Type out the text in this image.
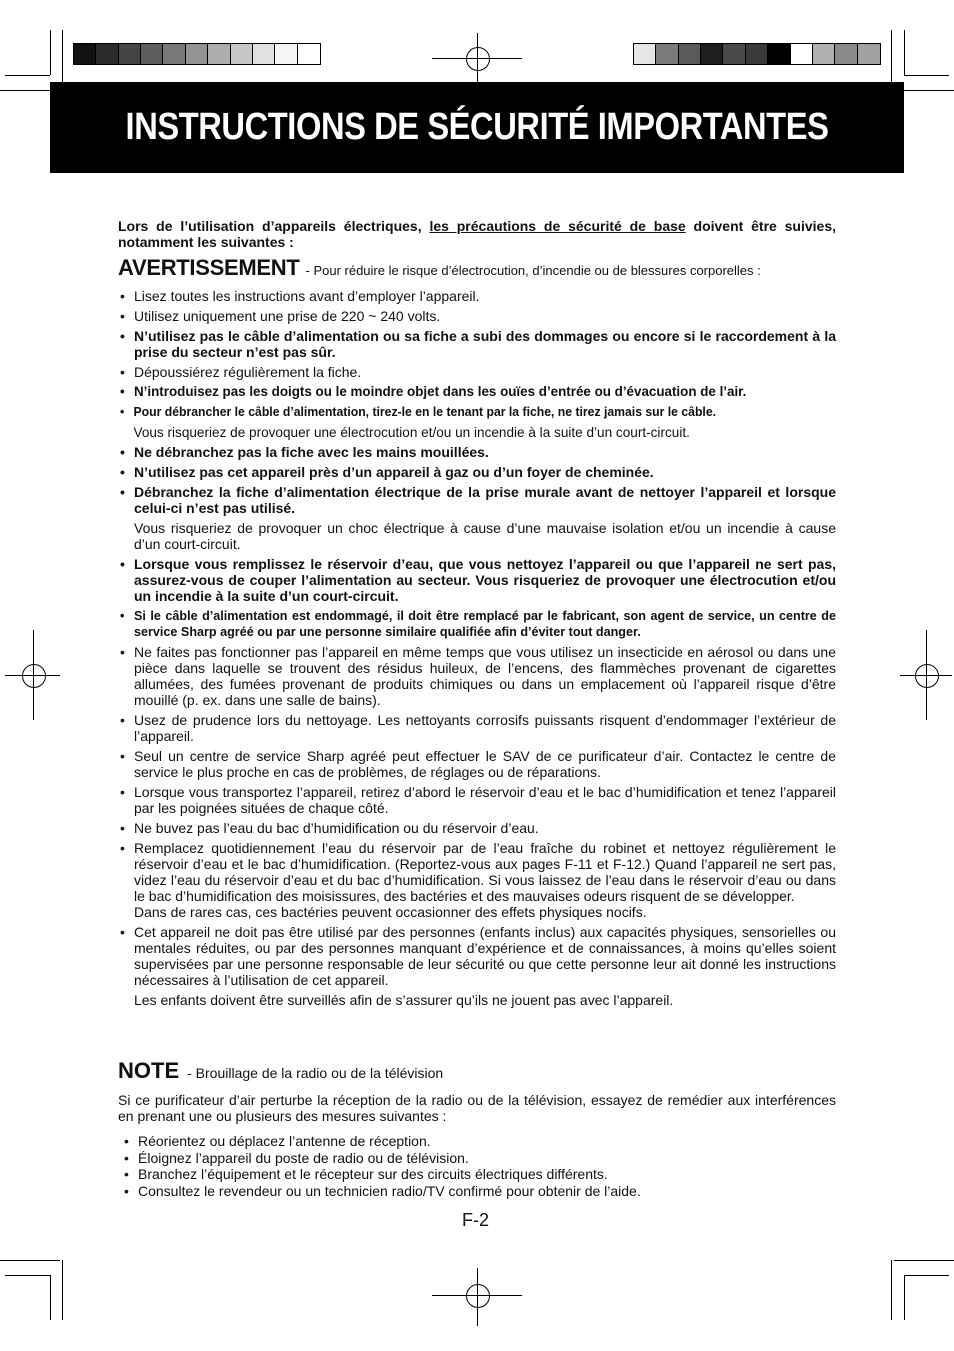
INSTRUCTIONS DE SÉCURITÉ IMPORTANTES
Lors de l’utilisation d’appareils électriques, les précautions de sécurité de base doivent être suivies, notamment les suivantes :
AVERTISSEMENT - Pour réduire le risque d’électrocution, d’incendie ou de blessures corporelles :
• Lisez toutes les instructions avant d’employer l’appareil.
• Utilisez uniquement une prise de 220 ~ 240 volts.
• N’utilisez pas le câble d’alimentation ou sa fiche a subi des dommages ou encore si le raccordement à la prise du secteur n’est pas sûr.
• Dépoussiérez régulièrement la fiche.
• N’introduisez pas les doigts ou le moindre objet dans les ouïes d’entrée ou d’évacuation de l’air.
• Pour débrancher le câble d’alimentation, tirez-le en le tenant par la fiche, ne tirez jamais sur le câble.
Vous risqueriez de provoquer une électrocution et/ou un incendie à la suite d’un court-circuit.
• Ne débranchez pas la fiche avec les mains mouillées.
• N’utilisez pas cet appareil près d’un appareil à gaz ou d’un foyer de cheminée.
• Débranchez la fiche d’alimentation électrique de la prise murale avant de nettoyer l’appareil et lorsque celui-ci n’est pas utilisé.
Vous risqueriez de provoquer un choc électrique à cause d’une mauvaise isolation et/ou un incendie à cause d’un court-circuit.
• Lorsque vous remplissez le réservoir d’eau, que vous nettoyez l’appareil ou que l’appareil ne sert pas, assurez-vous de couper l’alimentation au secteur. Vous risqueriez de provoquer une électrocution et/ou un incendie à la suite d’un court-circuit.
• Si le câble d’alimentation est endommagé, il doit être remplacé par le fabricant, son agent de service, un centre de service Sharp agréé ou par une personne similaire qualifiée afin d’éviter tout danger.
• Ne faites pas fonctionner pas l’appareil en même temps que vous utilisez un insecticide en aérosol ou dans une pièce dans laquelle se trouvent des résidus huileux, de l’encens, des flammèches provenant de cigarettes allumées, des fumées provenant de produits chimiques ou dans un emplacement où l’appareil risque d’être mouillé (p. ex. dans une salle de bains).
• Usez de prudence lors du nettoyage. Les nettoyants corrosifs puissants risquent d’endommager l’extérieur de l’appareil.
• Seul un centre de service Sharp agréé peut effectuer le SAV de ce purificateur d’air. Contactez le centre de service le plus proche en cas de problèmes, de réglages ou de réparations.
• Lorsque vous transportez l’appareil, retirez d’abord le réservoir d’eau et le bac d’humidification et tenez l’appareil par les poignées situées de chaque côté.
• Ne buvez pas l’eau du bac d’humidification ou du réservoir d’eau.
• Remplacez quotidiennement l’eau du réservoir par de l’eau fraîche du robinet et nettoyez régulièrement le réservoir d’eau et le bac d’humidification. (Reportez-vous aux pages F-11 et F-12.) Quand l’appareil ne sert pas, videz l’eau du réservoir d’eau et du bac d’humidification. Si vous laissez de l’eau dans le réservoir d’eau ou dans le bac d’humidification des moisissures, des bactéries et des mauvaises odeurs risquent de se développer.
Dans de rares cas, ces bactéries peuvent occasionner des effets physiques nocifs.
• Cet appareil ne doit pas être utilisé par des personnes (enfants inclus) aux capacités physiques, sensorielles ou mentales réduites, ou par des personnes manquant d’expérience et de connaissances, à moins qu’elles soient supervisées par une personne responsable de leur sécurité ou que cette personne leur ait donné les instructions nécessaires à l’utilisation de cet appareil.
Les enfants doivent être surveillés afin de s’assurer qu’ils ne jouent pas avec l’appareil.
NOTE - Brouillage de la radio ou de la télévision
Si ce purificateur d’air perturbe la réception de la radio ou de la télévision, essayez de remédier aux interférences en prenant une ou plusieurs des mesures suivantes :
• Réorientez ou déplacez l’antenne de réception.
• Éloignez l’appareil du poste de radio ou de télévision.
• Branchez l’équipement et le récepteur sur des circuits électriques différents.
• Consultez le revendeur ou un technicien radio/TV confirmé pour obtenir de l’aide.
F-2
